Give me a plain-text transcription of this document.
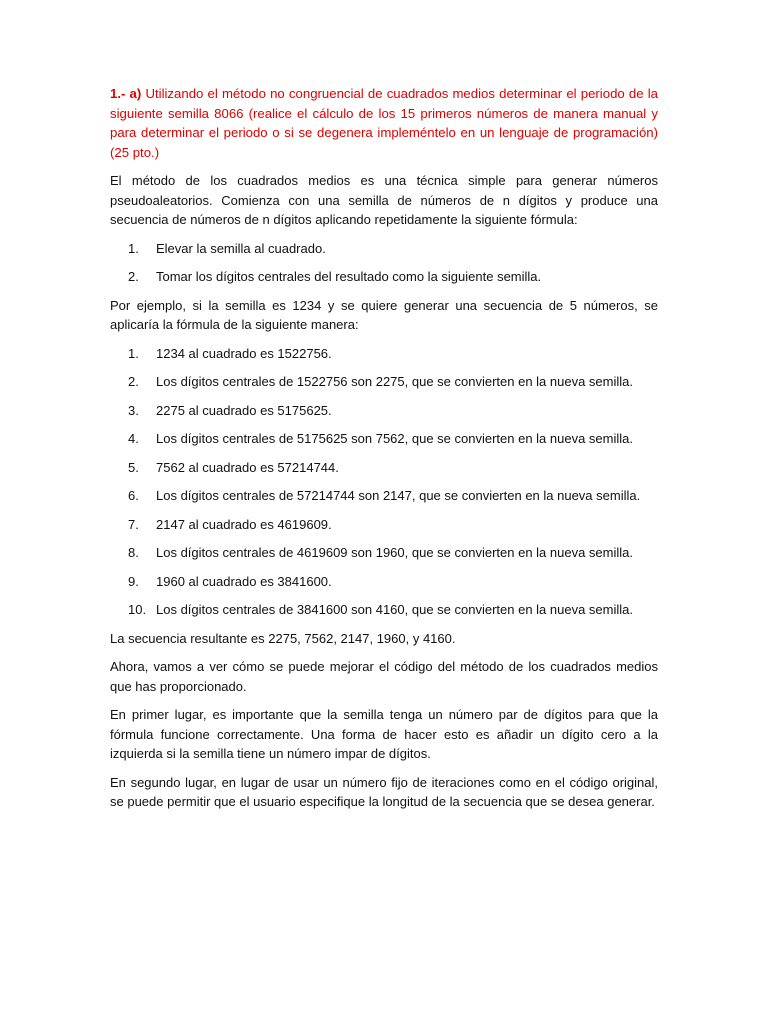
1.- a) Utilizando el método no congruencial de cuadrados medios determinar el periodo de la siguiente semilla 8066 (realice el cálculo de los 15 primeros números de manera manual y para determinar el periodo o si se degenera impleméntelo en un lenguaje de programación) (25 pto.)

El método de los cuadrados medios es una técnica simple para generar números pseudoaleatorios. Comienza con una semilla de números de n dígitos y produce una secuencia de números de n dígitos aplicando repetidamente la siguiente fórmula:

1.	Elevar la semilla al cuadrado.
2.	Tomar los dígitos centrales del resultado como la siguiente semilla.

Por ejemplo, si la semilla es 1234 y se quiere generar una secuencia de 5 números, se aplicaría la fórmula de la siguiente manera:

1.	1234 al cuadrado es 1522756.
2.	Los dígitos centrales de 1522756 son 2275, que se convierten en la nueva semilla.
3.	2275 al cuadrado es 5175625.
4.	Los dígitos centrales de 5175625 son 7562, que se convierten en la nueva semilla.
5.	7562 al cuadrado es 57214744.
6.	Los dígitos centrales de 57214744 son 2147, que se convierten en la nueva semilla.
7.	2147 al cuadrado es 4619609.
8.	Los dígitos centrales de 4619609 son 1960, que se convierten en la nueva semilla.
9.	1960 al cuadrado es 3841600.
10. Los dígitos centrales de 3841600 son 4160, que se convierten en la nueva semilla.

La secuencia resultante es 2275, 7562, 2147, 1960, y 4160.

Ahora, vamos a ver cómo se puede mejorar el código del método de los cuadrados medios que has proporcionado.

En primer lugar, es importante que la semilla tenga un número par de dígitos para que la fórmula funcione correctamente. Una forma de hacer esto es añadir un dígito cero a la izquierda si la semilla tiene un número impar de dígitos.

En segundo lugar, en lugar de usar un número fijo de iteraciones como en el código original, se puede permitir que el usuario especifique la longitud de la secuencia que se desea generar.
